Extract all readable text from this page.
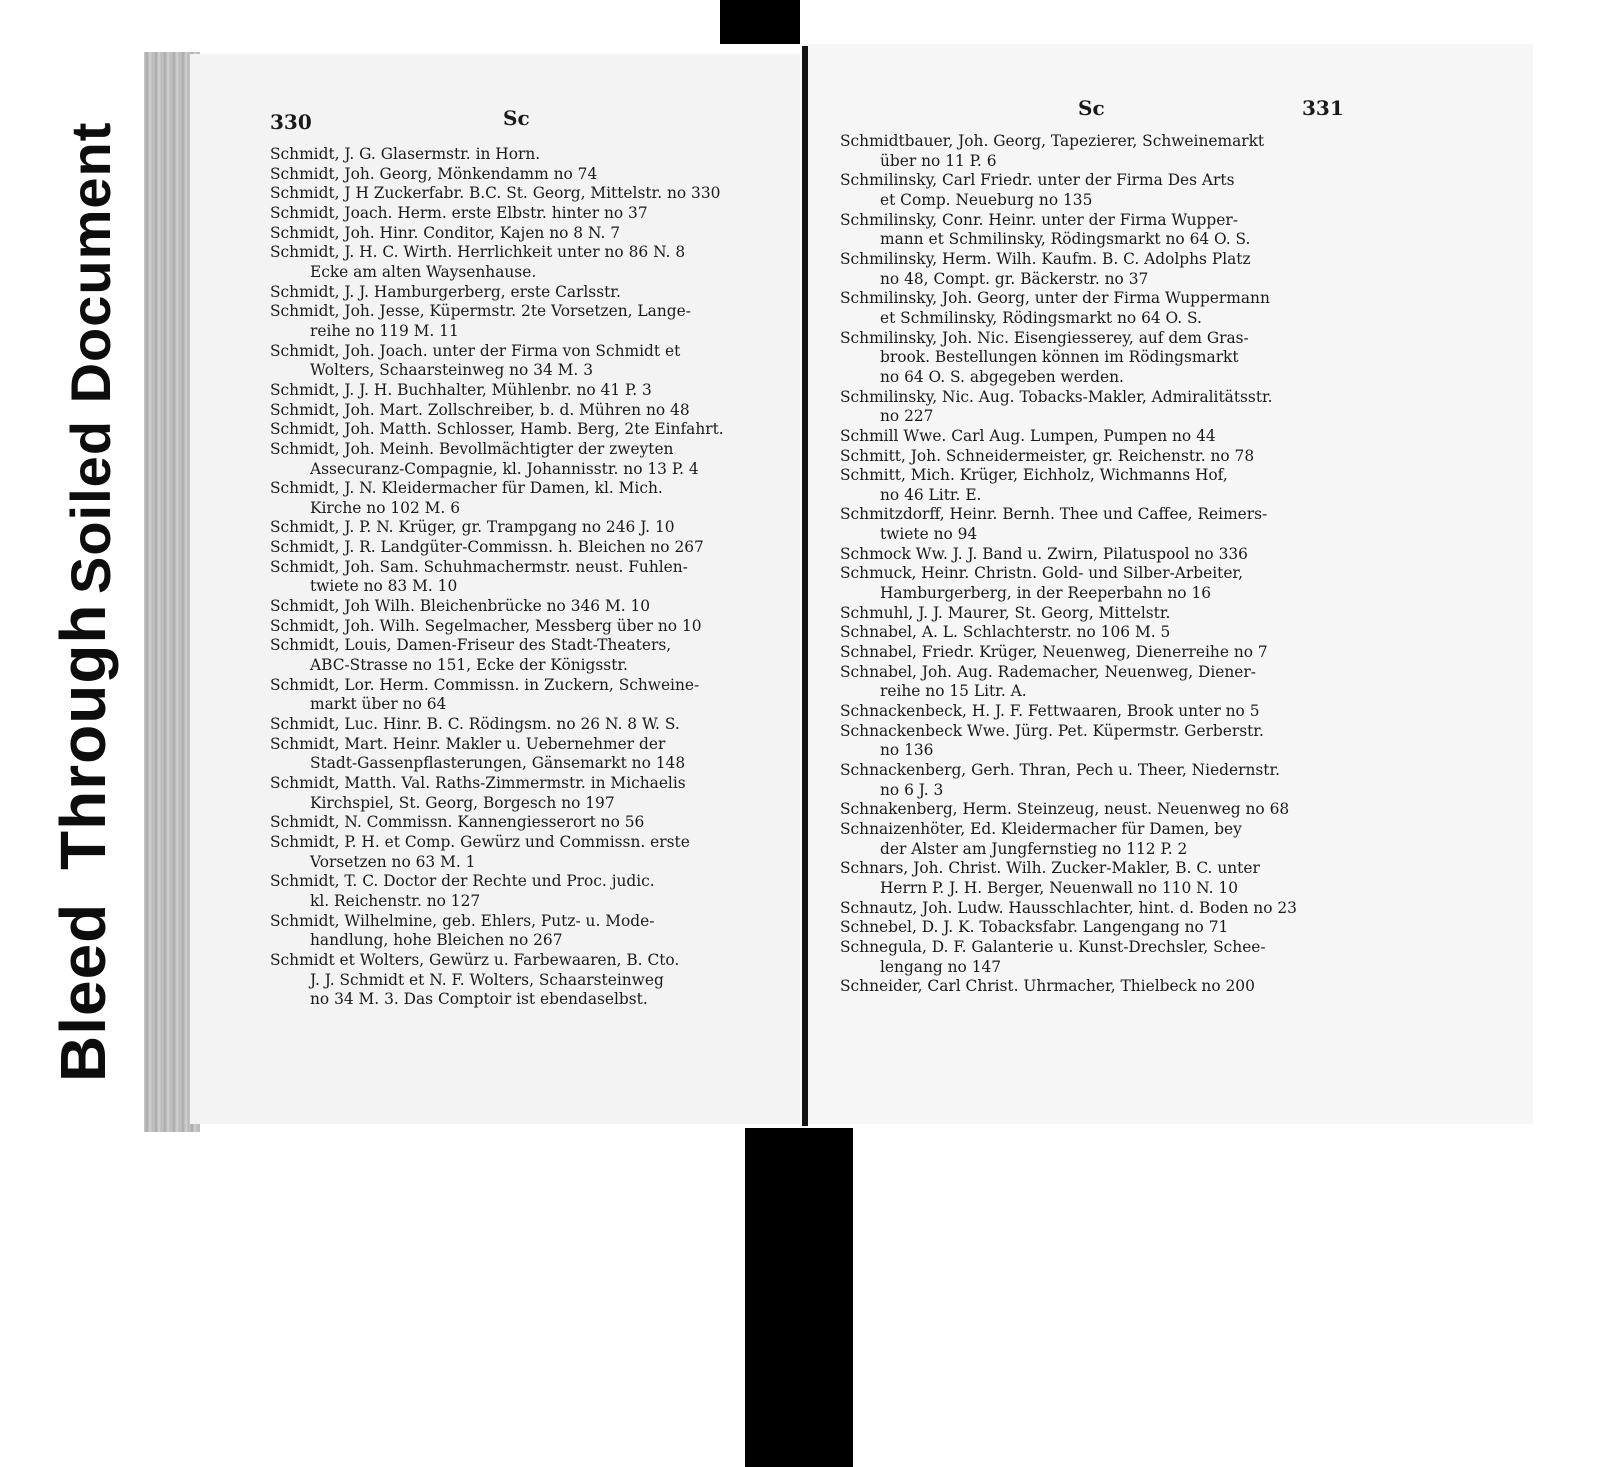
Soiled Document
Bleed Through
330	Sc	Sc	331
Schmidt, J. G. Glasermstr. in Horn.
Schmidt, Joh. Georg, Mönkendamm no 74
Schmidt, J H Zuckerfabr. B.C. St. Georg, Mittelstr. no 330
Schmidt, Joach. Herm. erste Elbstr. hinter no 37
Schmidt, Joh. Hinr. Conditor, Kajen no 8 N. 7
Schmidt, J. H. C. Wirth. Herrlichkeit unter no 86 N. 8
Ecke am alten Waysenhause.
Schmidt, J. J. Hamburgerberg, erste Carlsstr.
Schmidt, Joh. Jesse, Küpermstr. 2te Vorsetzen, Lange-
reihe no 119 M. 11
Schmidt, Joh. Joach. unter der Firma von Schmidt et
Wolters, Schaarsteinweg no 34 M. 3
Schmidt, J. J. H. Buchhalter, Mühlenbr. no 41 P. 3
Schmidt, Joh. Mart. Zollschreiber, b. d. Mühren no 48
Schmidt, Joh. Matth. Schlosser, Hamb. Berg, 2te Einfahrt.
Schmidt, Joh. Meinh. Bevollmächtigter der zweyten
Assecuranz-Compagnie, kl. Johannisstr. no 13 P. 4
Schmidt, J. N. Kleidermacher für Damen, kl. Mich.
Kirche no 102 M. 6
Schmidt, J. P. N. Krüger, gr. Trampgang no 246 J. 10
Schmidt, J. R. Landgüter-Commissn. h. Bleichen no 267
Schmidt, Joh. Sam. Schuhmachermstr. neust. Fuhlen-
twiete no 83 M. 10
Schmidt, Joh Wilh. Bleichenbrücke no 346 M. 10
Schmidt, Joh. Wilh. Segelmacher, Messberg über no 10
Schmidt, Louis, Damen-Friseur des Stadt-Theaters,
ABC-Strasse no 151, Ecke der Königsstr.
Schmidt, Lor. Herm. Commissn. in Zuckern, Schweine-
markt über no 64
Schmidt, Luc. Hinr. B. C. Rödingsm. no 26 N. 8 W. S.
Schmidt, Mart. Heinr. Makler u. Uebernehmer der
Stadt-Gassenpflasterungen, Gänsemarkt no 148
Schmidt, Matth. Val. Raths-Zimmermstr. in Michaelis
Kirchspiel, St. Georg, Borgesch no 197
Schmidt, N. Commissn. Kannengiesserort no 56
Schmidt, P. H. et Comp. Gewürz und Commissn. erste
Vorsetzen no 63 M. 1
Schmidt, T. C. Doctor der Rechte und Proc. judic.
kl. Reichenstr. no 127
Schmidt, Wilhelmine, geb. Ehlers, Putz- u. Mode-
handlung, hohe Bleichen no 267
Schmidt et Wolters, Gewürz u. Farbewaaren, B. Cto.
J. J. Schmidt et N. F. Wolters, Schaarsteinweg
no 34 M. 3. Das Comptoir ist ebendaselbst.
Schmidtbauer, Joh. Georg, Tapezierer, Schweinemarkt
über no 11 P. 6
Schmilinsky, Carl Friedr. unter der Firma Des Arts
et Comp. Neueburg no 135
Schmilinsky, Conr. Heinr. unter der Firma Wupper-
mann et Schmilinsky, Rödingsmarkt no 64 O. S.
Schmilinsky, Herm. Wilh. Kaufm. B. C. Adolphs Platz
no 48, Compt. gr. Bäckerstr. no 37
Schmilinsky, Joh. Georg, unter der Firma Wuppermann
et Schmilinsky, Rödingsmarkt no 64 O. S.
Schmilinsky, Joh. Nic. Eisengiesserey, auf dem Gras-
brook. Bestellungen können im Rödingsmarkt
no 64 O. S. abgegeben werden.
Schmilinsky, Nic. Aug. Tobacks-Makler, Admiralitätsstr.
no 227
Schmill Wwe. Carl Aug. Lumpen, Pumpen no 44
Schmitt, Joh. Schneidermeister, gr. Reichenstr. no 78
Schmitt, Mich. Krüger, Eichholz, Wichmanns Hof,
no 46 Litr. E.
Schmitzdorff, Heinr. Bernh. Thee und Caffee, Reimers-
twiete no 94
Schmock Ww. J. J. Band u. Zwirn, Pilatuspool no 336
Schmuck, Heinr. Christn. Gold- und Silber-Arbeiter,
Hamburgerberg, in der Reeperbahn no 16
Schmuhl, J. J. Maurer, St. Georg, Mittelstr.
Schnabel, A. L. Schlachterstr. no 106 M. 5
Schnabel, Friedr. Krüger, Neuenweg, Dienerreihe no 7
Schnabel, Joh. Aug. Rademacher, Neuenweg, Diener-
reihe no 15 Litr. A.
Schnackenbeck, H. J. F. Fettwaaren, Brook unter no 5
Schnackenbeck Wwe. Jürg. Pet. Küpermstr. Gerberstr.
no 136
Schnackenberg, Gerh. Thran, Pech u. Theer, Niedernstr.
no 6 J. 3
Schnakenberg, Herm. Steinzeug, neust. Neuenweg no 68
Schnaizenhöter, Ed. Kleidermacher für Damen, bey
der Alster am Jungfernstieg no 112 P. 2
Schnars, Joh. Christ. Wilh. Zucker-Makler, B. C. unter
Herrn P. J. H. Berger, Neuenwall no 110 N. 10
Schnautz, Joh. Ludw. Hausschlachter, hint. d. Boden no 23
Schnebel, D. J. K. Tobacksfabr. Langengang no 71
Schnegula, D. F. Galanterie u. Kunst-Drechsler, Schee-
lengang no 147
Schneider, Carl Christ. Uhrmacher, Thielbeck no 200
